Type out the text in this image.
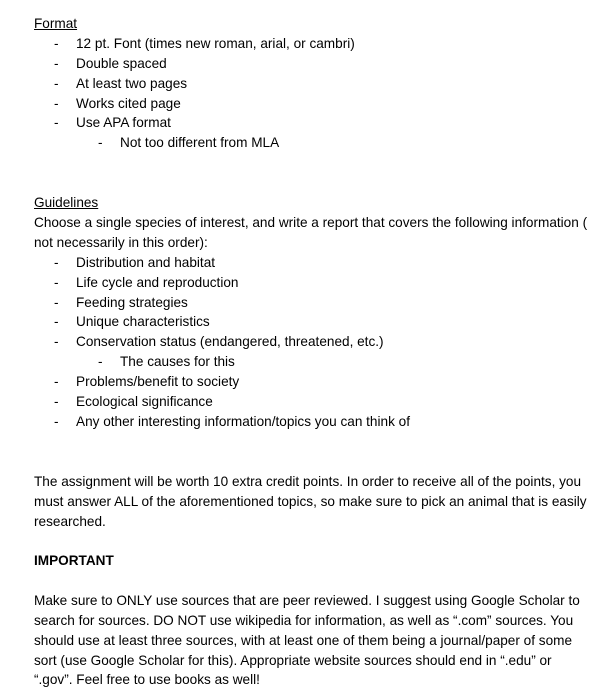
Format
- 12 pt. Font (times new roman, arial, or cambri)
- Double spaced
- At least two pages
- Works cited page
- Use APA format
- Not too different from MLA
Guidelines

Choose a single species of interest, and write a report that covers the following information ( not necessarily in this order):

- Distribution and habitat
- Life cycle and reproduction
- Feeding strategies
- Unique characteristics
- Conservation status (endangered, threatened, etc.)
- The causes for this
- Problems/benefit to society
- Ecological significance
- Any other interesting information/topics you can think of

The assignment will be worth 10 extra credit points. In order to receive all of the points, you must answer ALL of the aforementioned topics, so make sure to pick an animal that is easily researched.

IMPORTANT

Make sure to ONLY use sources that are peer reviewed. I suggest using Google Scholar to search for sources. DO NOT use wikipedia for information, as well as “.com” sources. You should use at least three sources, with at least one of them being a journal/paper of some sort (use Google Scholar for this). Appropriate website sources should end in “.edu” or “.gov”. Feel free to use books as well!
